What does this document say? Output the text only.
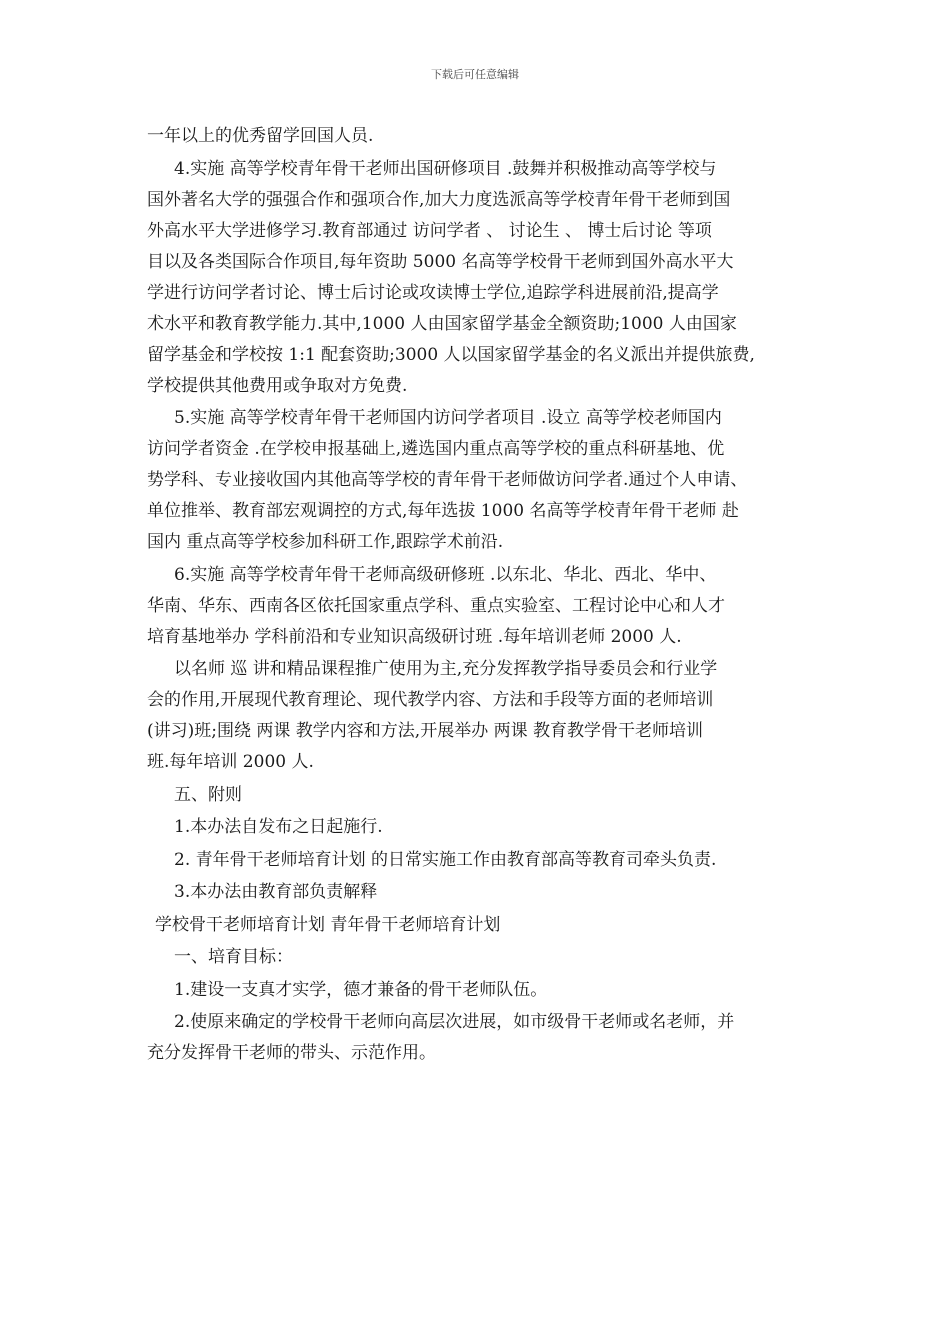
下载后可任意编辑
一年以上的优秀留学回国人员.
4.实施 高等学校青年骨干老师出国研修项目 .鼓舞并积极推动高等学校与
国外著名大学的强强合作和强项合作,加大力度选派高等学校青年骨干老师到国
外高水平大学进修学习.教育部通过 访问学者 、 讨论生 、 博士后讨论 等项
目以及各类国际合作项目,每年资助 5000 名高等学校骨干老师到国外高水平大
学进行访问学者讨论、博士后讨论或攻读博士学位,追踪学科进展前沿,提高学
术水平和教育教学能力.其中,1000 人由国家留学基金全额资助;1000 人由国家
留学基金和学校按 1:1 配套资助;3000 人以国家留学基金的名义派出并提供旅费,
学校提供其他费用或争取对方免费.
5.实施 高等学校青年骨干老师国内访问学者项目 .设立 高等学校老师国内
访问学者资金 .在学校申报基础上,遴选国内重点高等学校的重点科研基地、优
势学科、专业接收国内其他高等学校的青年骨干老师做访问学者.通过个人申请、
单位推举、教育部宏观调控的方式,每年选拔 1000 名高等学校青年骨干老师 赴
国内 重点高等学校参加科研工作,跟踪学术前沿.
6.实施 高等学校青年骨干老师高级研修班 .以东北、华北、西北、华中、
华南、华东、西南各区依托国家重点学科、重点实验室、工程讨论中心和人才
培育基地举办 学科前沿和专业知识高级研讨班 .每年培训老师 2000 人.
以名师 巡 讲和精品课程推广使用为主,充分发挥教学指导委员会和行业学
会的作用,开展现代教育理论、现代教学内容、方法和手段等方面的老师培训
(讲习)班;围绕 两课 教学内容和方法,开展举办 两课 教育教学骨干老师培训
班.每年培训 2000 人.
五、附则
1.本办法自发布之日起施行.
2. 青年骨干老师培育计划 的日常实施工作由教育部高等教育司牵头负责.
3.本办法由教育部负责解释
学校骨干老师培育计划 青年骨干老师培育计划
一、培育目标：
1.建设一支真才实学，德才兼备的骨干老师队伍。
2.使原来确定的学校骨干老师向高层次进展，如市级骨干老师或名老师，并
充分发挥骨干老师的带头、示范作用。
